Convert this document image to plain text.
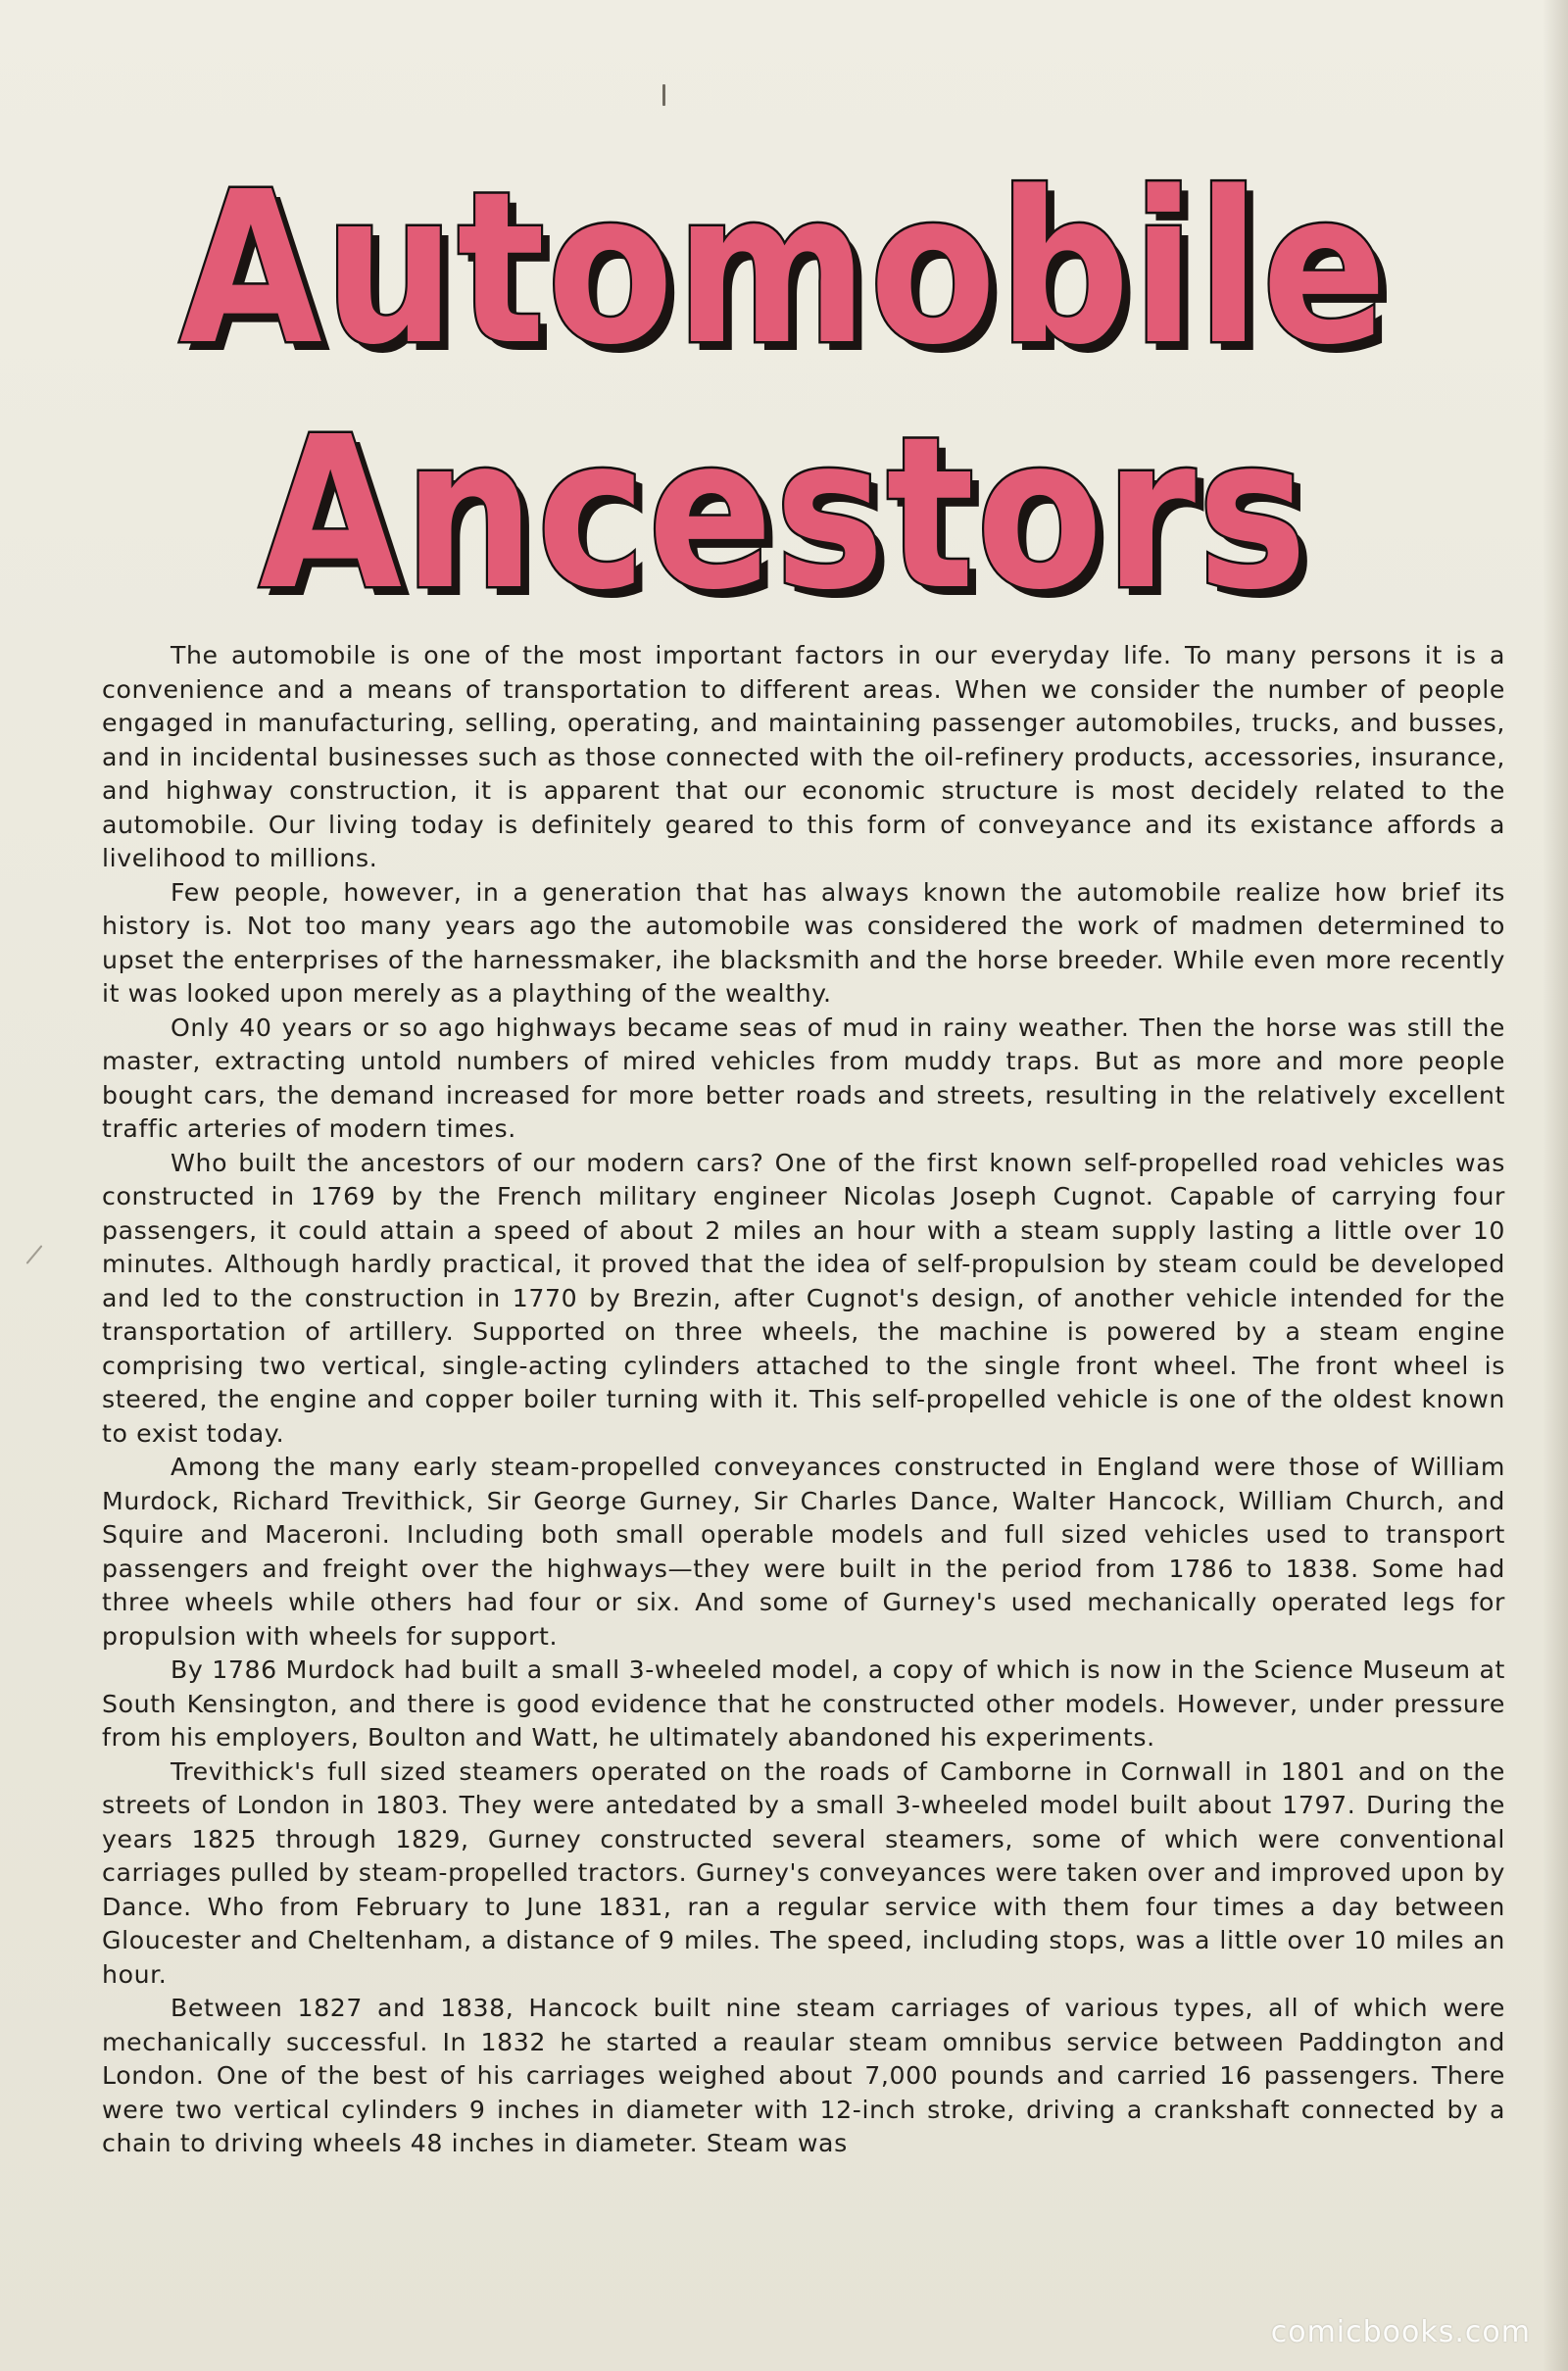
Automobile
Ancestors

The automobile is one of the most important factors in our everyday life. To many persons it is a convenience and a means of transportation to different areas. When we consider the number of people engaged in manufacturing, selling, operating, and maintaining passenger automobiles, trucks, and busses, and in incidental businesses such as those connected with the oil-refinery products, accessories, insurance, and highway construction, it is apparent that our economic structure is most decidely related to the automobile. Our living today is definitely geared to this form of conveyance and its existance affords a livelihood to millions.

Few people, however, in a generation that has always known the automobile realize how brief its history is. Not too many years ago the automobile was considered the work of madmen determined to upset the enterprises of the harnessmaker, ihe blacksmith and the horse breeder. While even more recently it was looked upon merely as a plaything of the wealthy.

Only 40 years or so ago highways became seas of mud in rainy weather. Then the horse was still the master, extracting untold numbers of mired vehicles from muddy traps. But as more and more people bought cars, the demand increased for more better roads and streets, resulting in the relatively excellent traffic arteries of modern times.

Who built the ancestors of our modern cars? One of the first known self-propelled road vehicles was constructed in 1769 by the French military engineer Nicolas Joseph Cugnot. Capable of carrying four passengers, it could attain a speed of about 2 miles an hour with a steam supply lasting a little over 10 minutes. Although hardly practical, it proved that the idea of self-propulsion by steam could be developed and led to the construction in 1770 by Brezin, after Cugnot's design, of another vehicle intended for the transportation of artillery. Supported on three wheels, the machine is powered by a steam engine comprising two vertical, single-acting cylinders attached to the single front wheel. The front wheel is steered, the engine and copper boiler turning with it. This self-propelled vehicle is one of the oldest known to exist today.

Among the many early steam-propelled conveyances constructed in England were those of William Murdock, Richard Trevithick, Sir George Gurney, Sir Charles Dance, Walter Hancock, William Church, and Squire and Maceroni. Including both small operable models and full sized vehicles used to transport passengers and freight over the highways—they were built in the period from 1786 to 1838. Some had three wheels while others had four or six. And some of Gurney's used mechanically operated legs for propulsion with wheels for support.

By 1786 Murdock had built a small 3-wheeled model, a copy of which is now in the Science Museum at South Kensington, and there is good evidence that he constructed other models. However, under pressure from his employers, Boulton and Watt, he ultimately abandoned his experiments.

Trevithick's full sized steamers operated on the roads of Camborne in Cornwall in 1801 and on the streets of London in 1803. They were antedated by a small 3-wheeled model built about 1797. During the years 1825 through 1829, Gurney constructed several steamers, some of which were conventional carriages pulled by steam-propelled tractors. Gurney's conveyances were taken over and improved upon by Dance. Who from February to June 1831, ran a regular service with them four times a day between Gloucester and Cheltenham, a distance of 9 miles. The speed, including stops, was a little over 10 miles an hour.

Between 1827 and 1838, Hancock built nine steam carriages of various types, all of which were mechanically successful. In 1832 he started a reaular steam omnibus service between Paddington and London. One of the best of his carriages weighed about 7,000 pounds and carried 16 passengers. There were two vertical cylinders 9 inches in diameter with 12-inch stroke, driving a crankshaft connected by a chain to driving wheels 48 inches in diameter. Steam was

comicbooks.com
